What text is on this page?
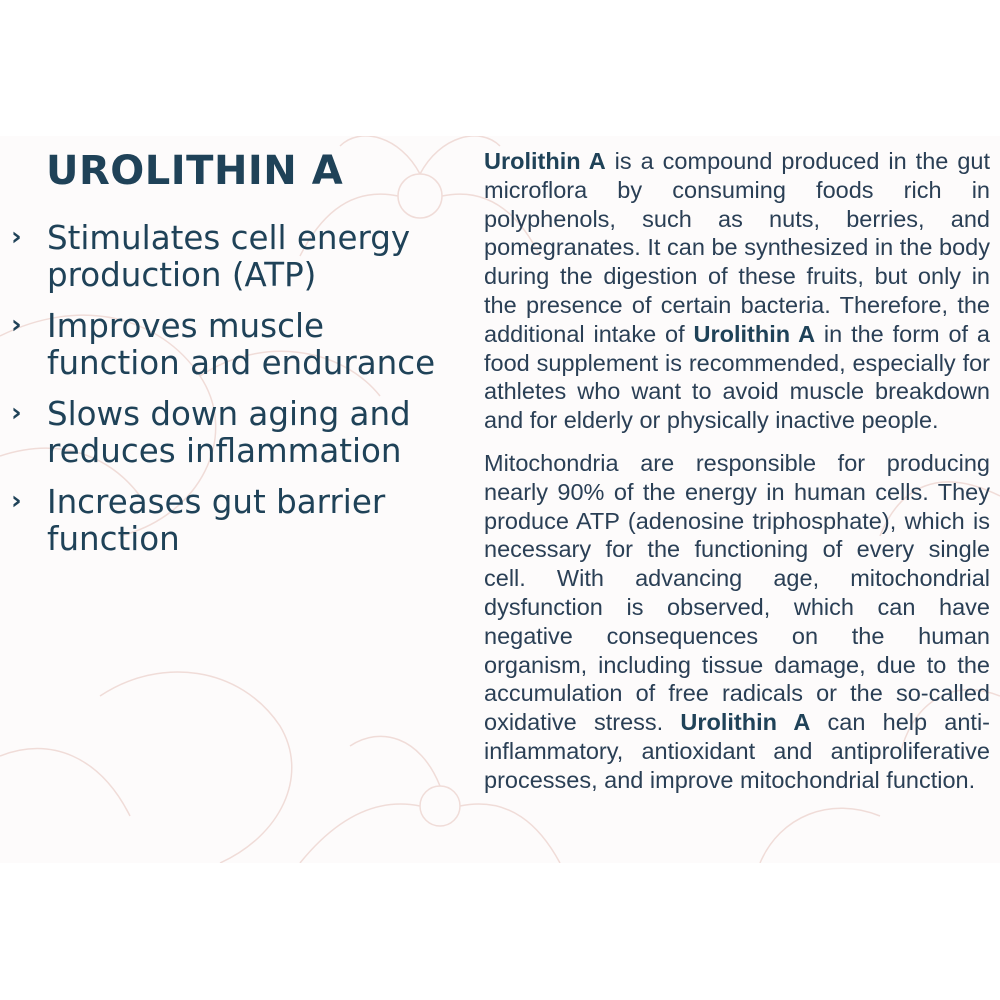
UROLITHIN A
› Stimulates cell energy production (ATP)
› Improves muscle function and endurance
› Slows down aging and reduces inflammation
› Increases gut barrier function

Urolithin A is a compound produced in the gut microflora by consuming foods rich in polyphenols, such as nuts, berries, and pomegranates. It can be synthesized in the body during the digestion of these fruits, but only in the presence of certain bacteria. Therefore, the additional intake of Urolithin A in the form of a food supplement is recommended, especially for athletes who want to avoid muscle breakdown and for elderly or physically inactive people.

Mitochondria are responsible for producing nearly 90% of the energy in human cells. They produce ATP (adenosine triphosphate), which is necessary for the functioning of every single cell. With advancing age, mitochondrial dysfunction is observed, which can have negative consequences on the human organism, including tissue damage, due to the accumulation of free radicals or the so-called oxidative stress. Urolithin A can help anti-inflammatory, antioxidant and antiproliferative processes, and improve mitochondrial function.
